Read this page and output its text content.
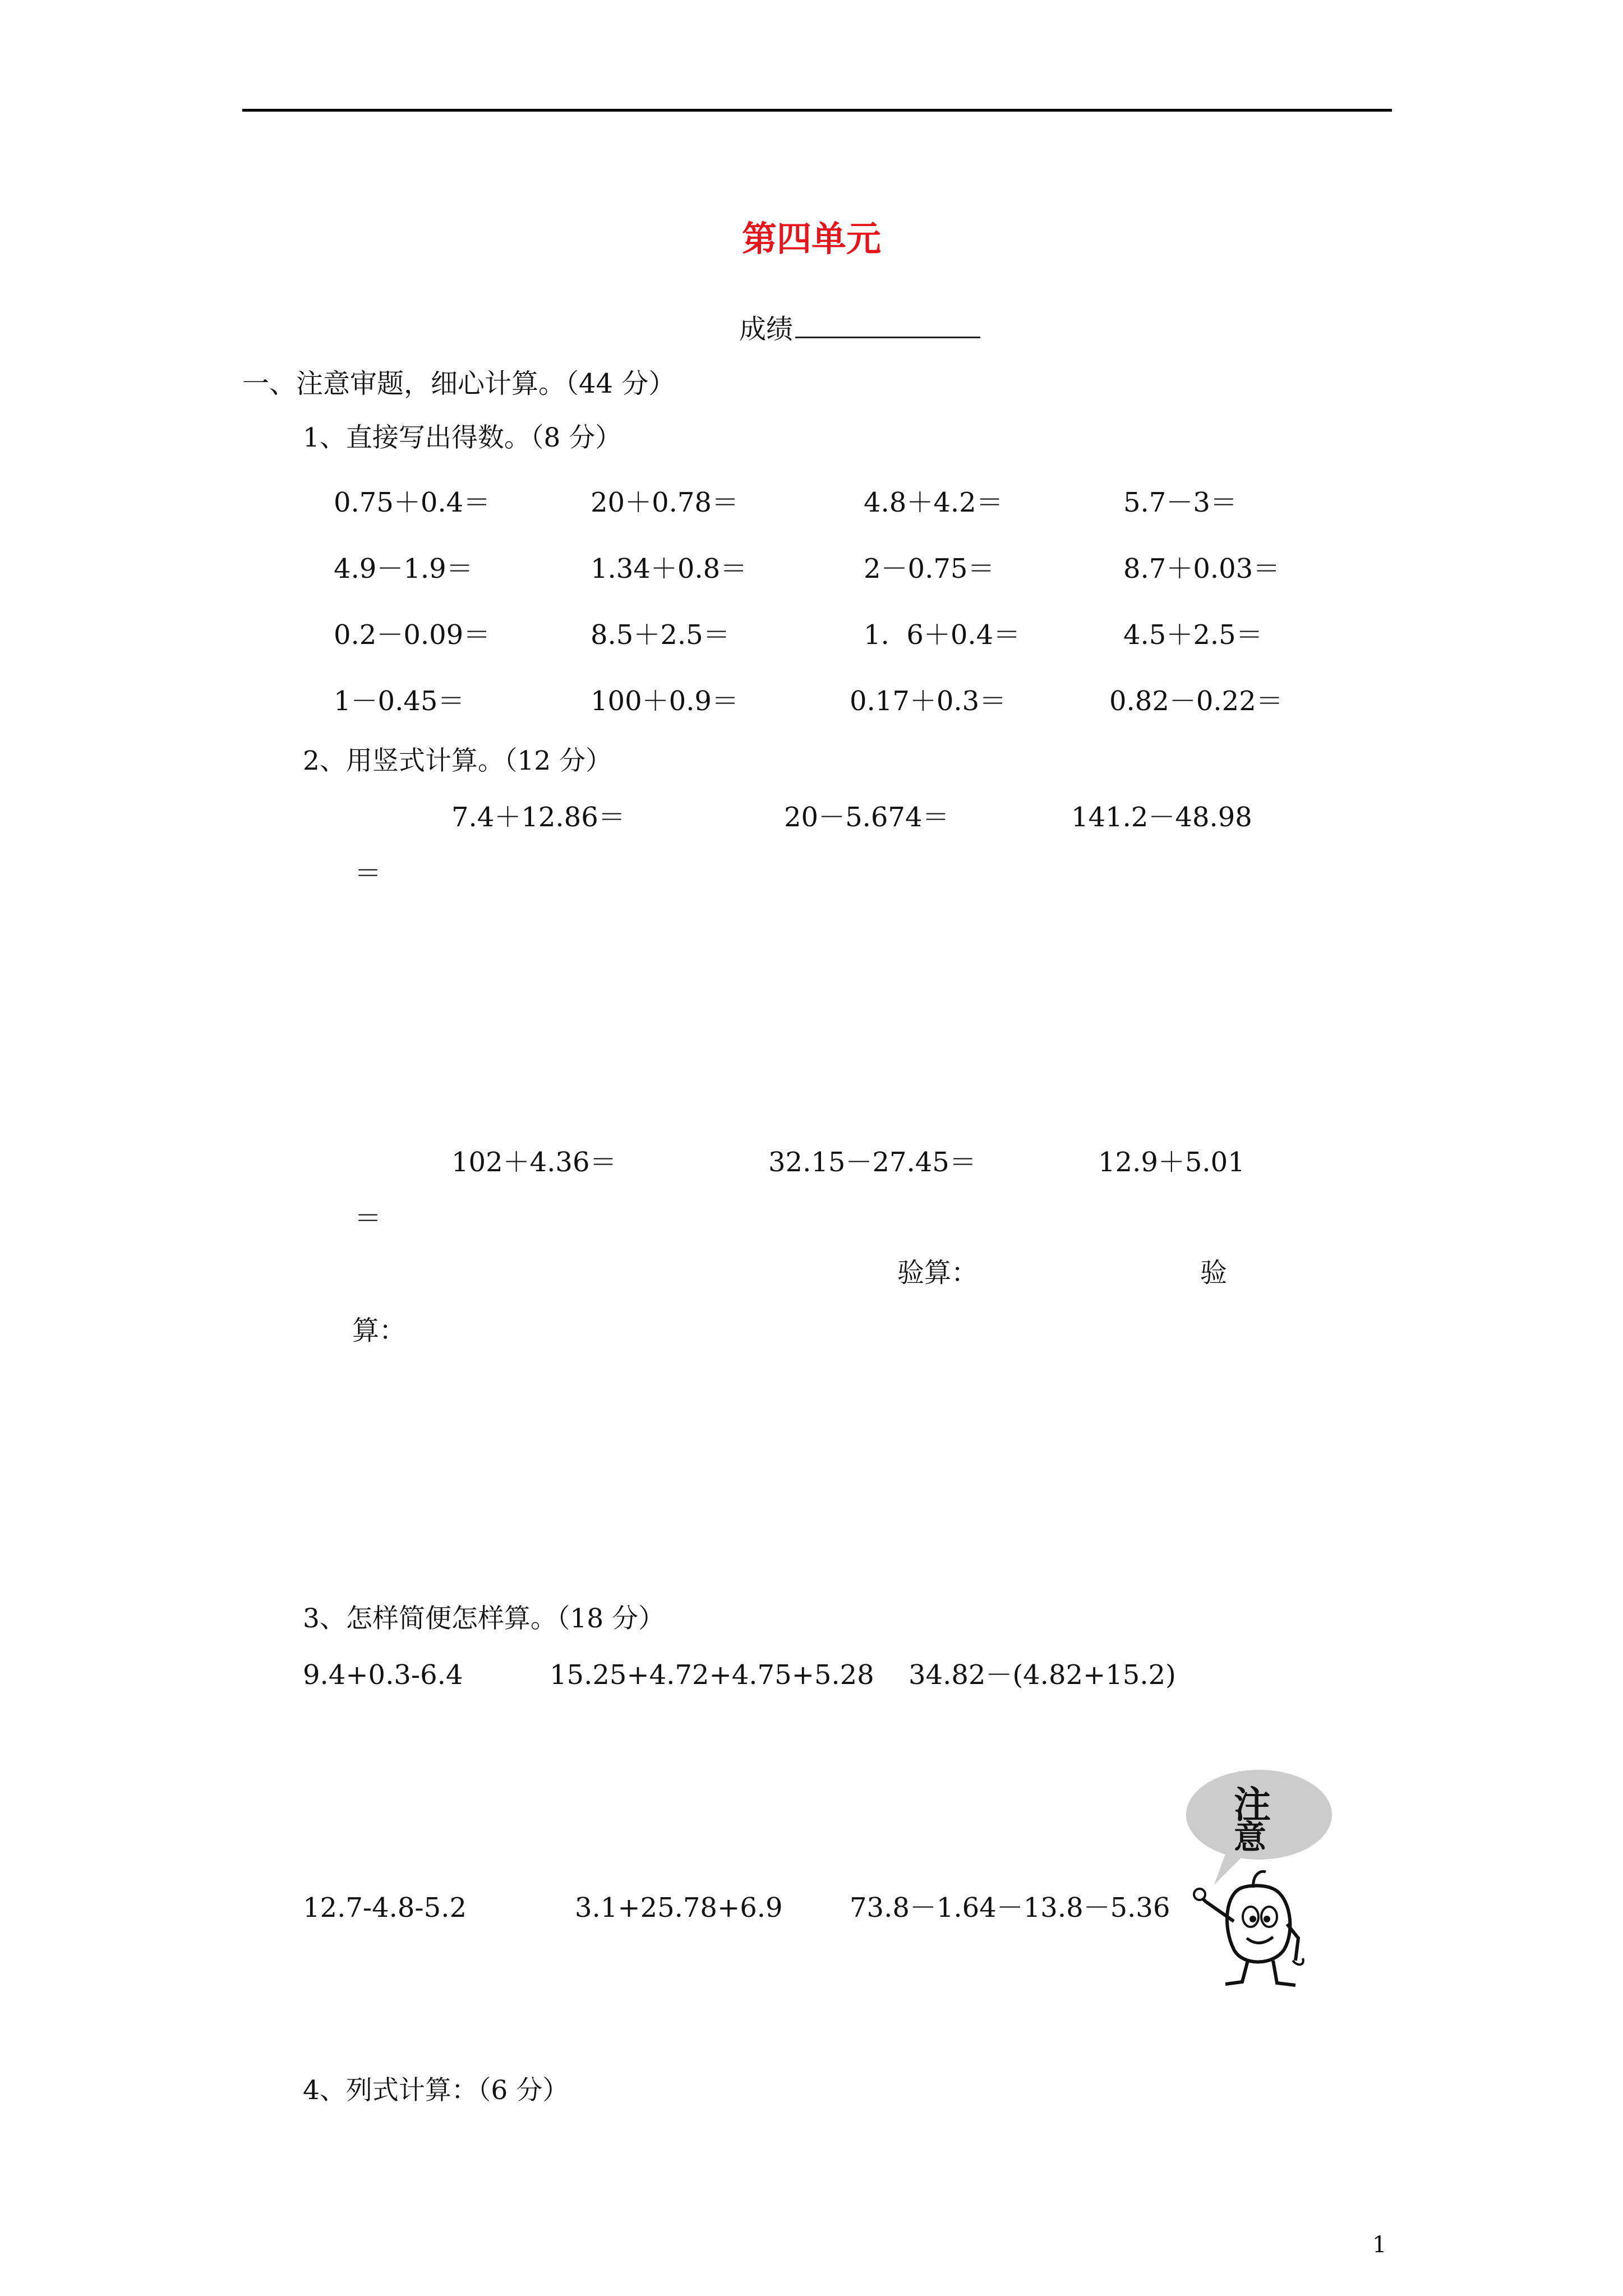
第四单元
成绩
一、注意审题，细心计算。（44 分）
1、直接写出得数。（8 分）
0.75＋0.4＝	20＋0.78＝	4.8＋4.2＝	5.7－3＝
4.9－1.9＝	1.34＋0.8＝	2－0.75＝	8.7＋0.03＝
0.2－0.09＝	8.5＋2.5＝	1.  6＋0.4＝	4.5＋2.5＝
1－0.45＝	100＋0.9＝	0.17＋0.3＝	0.82－0.22＝
2、用竖式计算。（12 分）
7.4＋12.86＝	20－5.674＝	141.2－48.98
＝
102＋4.36＝	32.15－27.45＝	12.9＋5.01
＝
验算：	验
算：
3、怎样简便怎样算。（18 分）
9.4+0.3-6.4	15.25+4.72+4.75+5.28 34.82－(4.82+15.2)
12.7-4.8-5.2	3.1+25.78+6.9 73.8－1.64－13.8－5.36
注
意
4、列式计算：（6 分）
1
